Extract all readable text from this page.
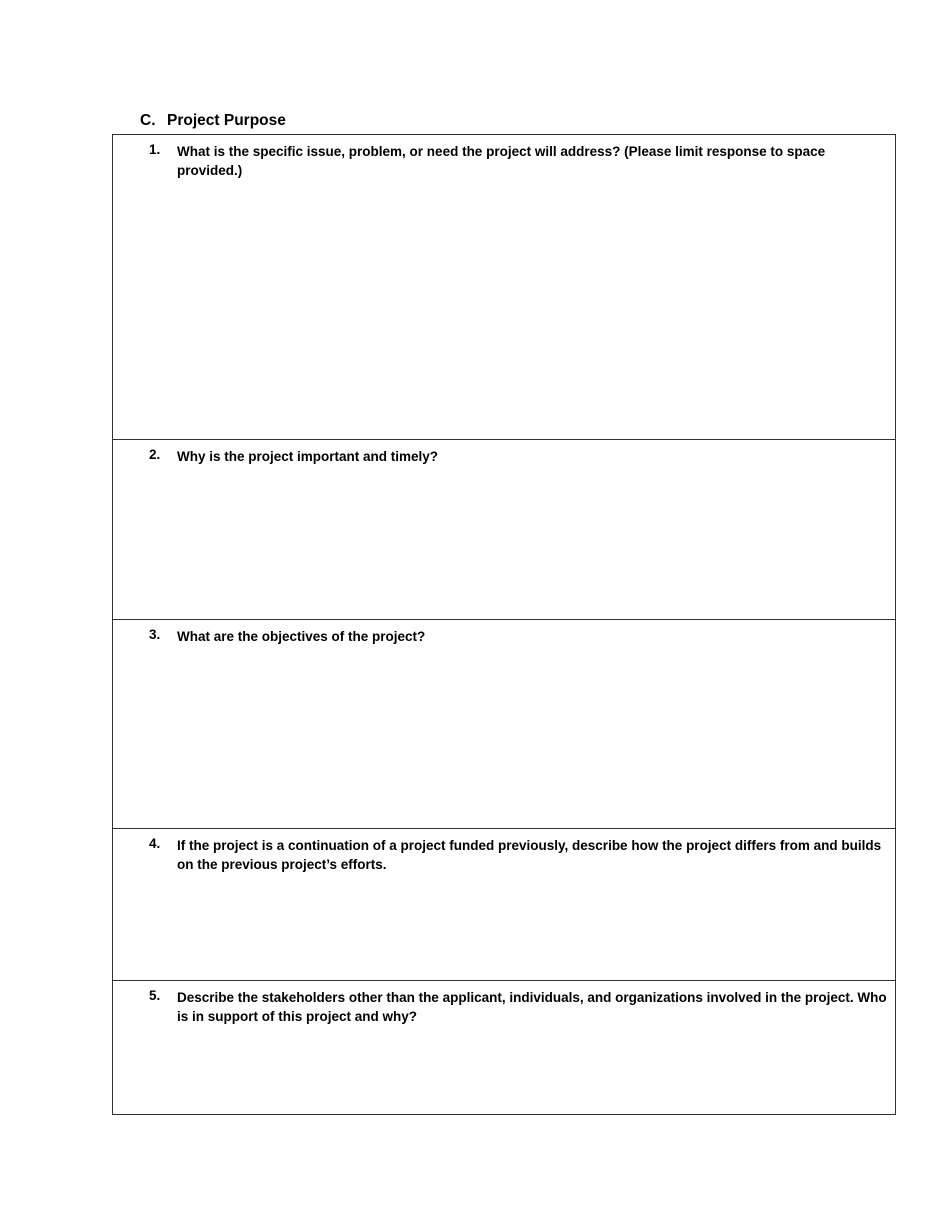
C. Project Purpose
1.	What is the specific issue, problem, or need the project will address? (Please limit response to space provided.)
2.	Why is the project important and timely?
3.	What are the objectives of the project?
4.	If the project is a continuation of a project funded previously, describe how the project differs from and builds on the previous project’s efforts.
5.	Describe the stakeholders other than the applicant, individuals, and organizations involved in the project. Who is in support of this project and why?
